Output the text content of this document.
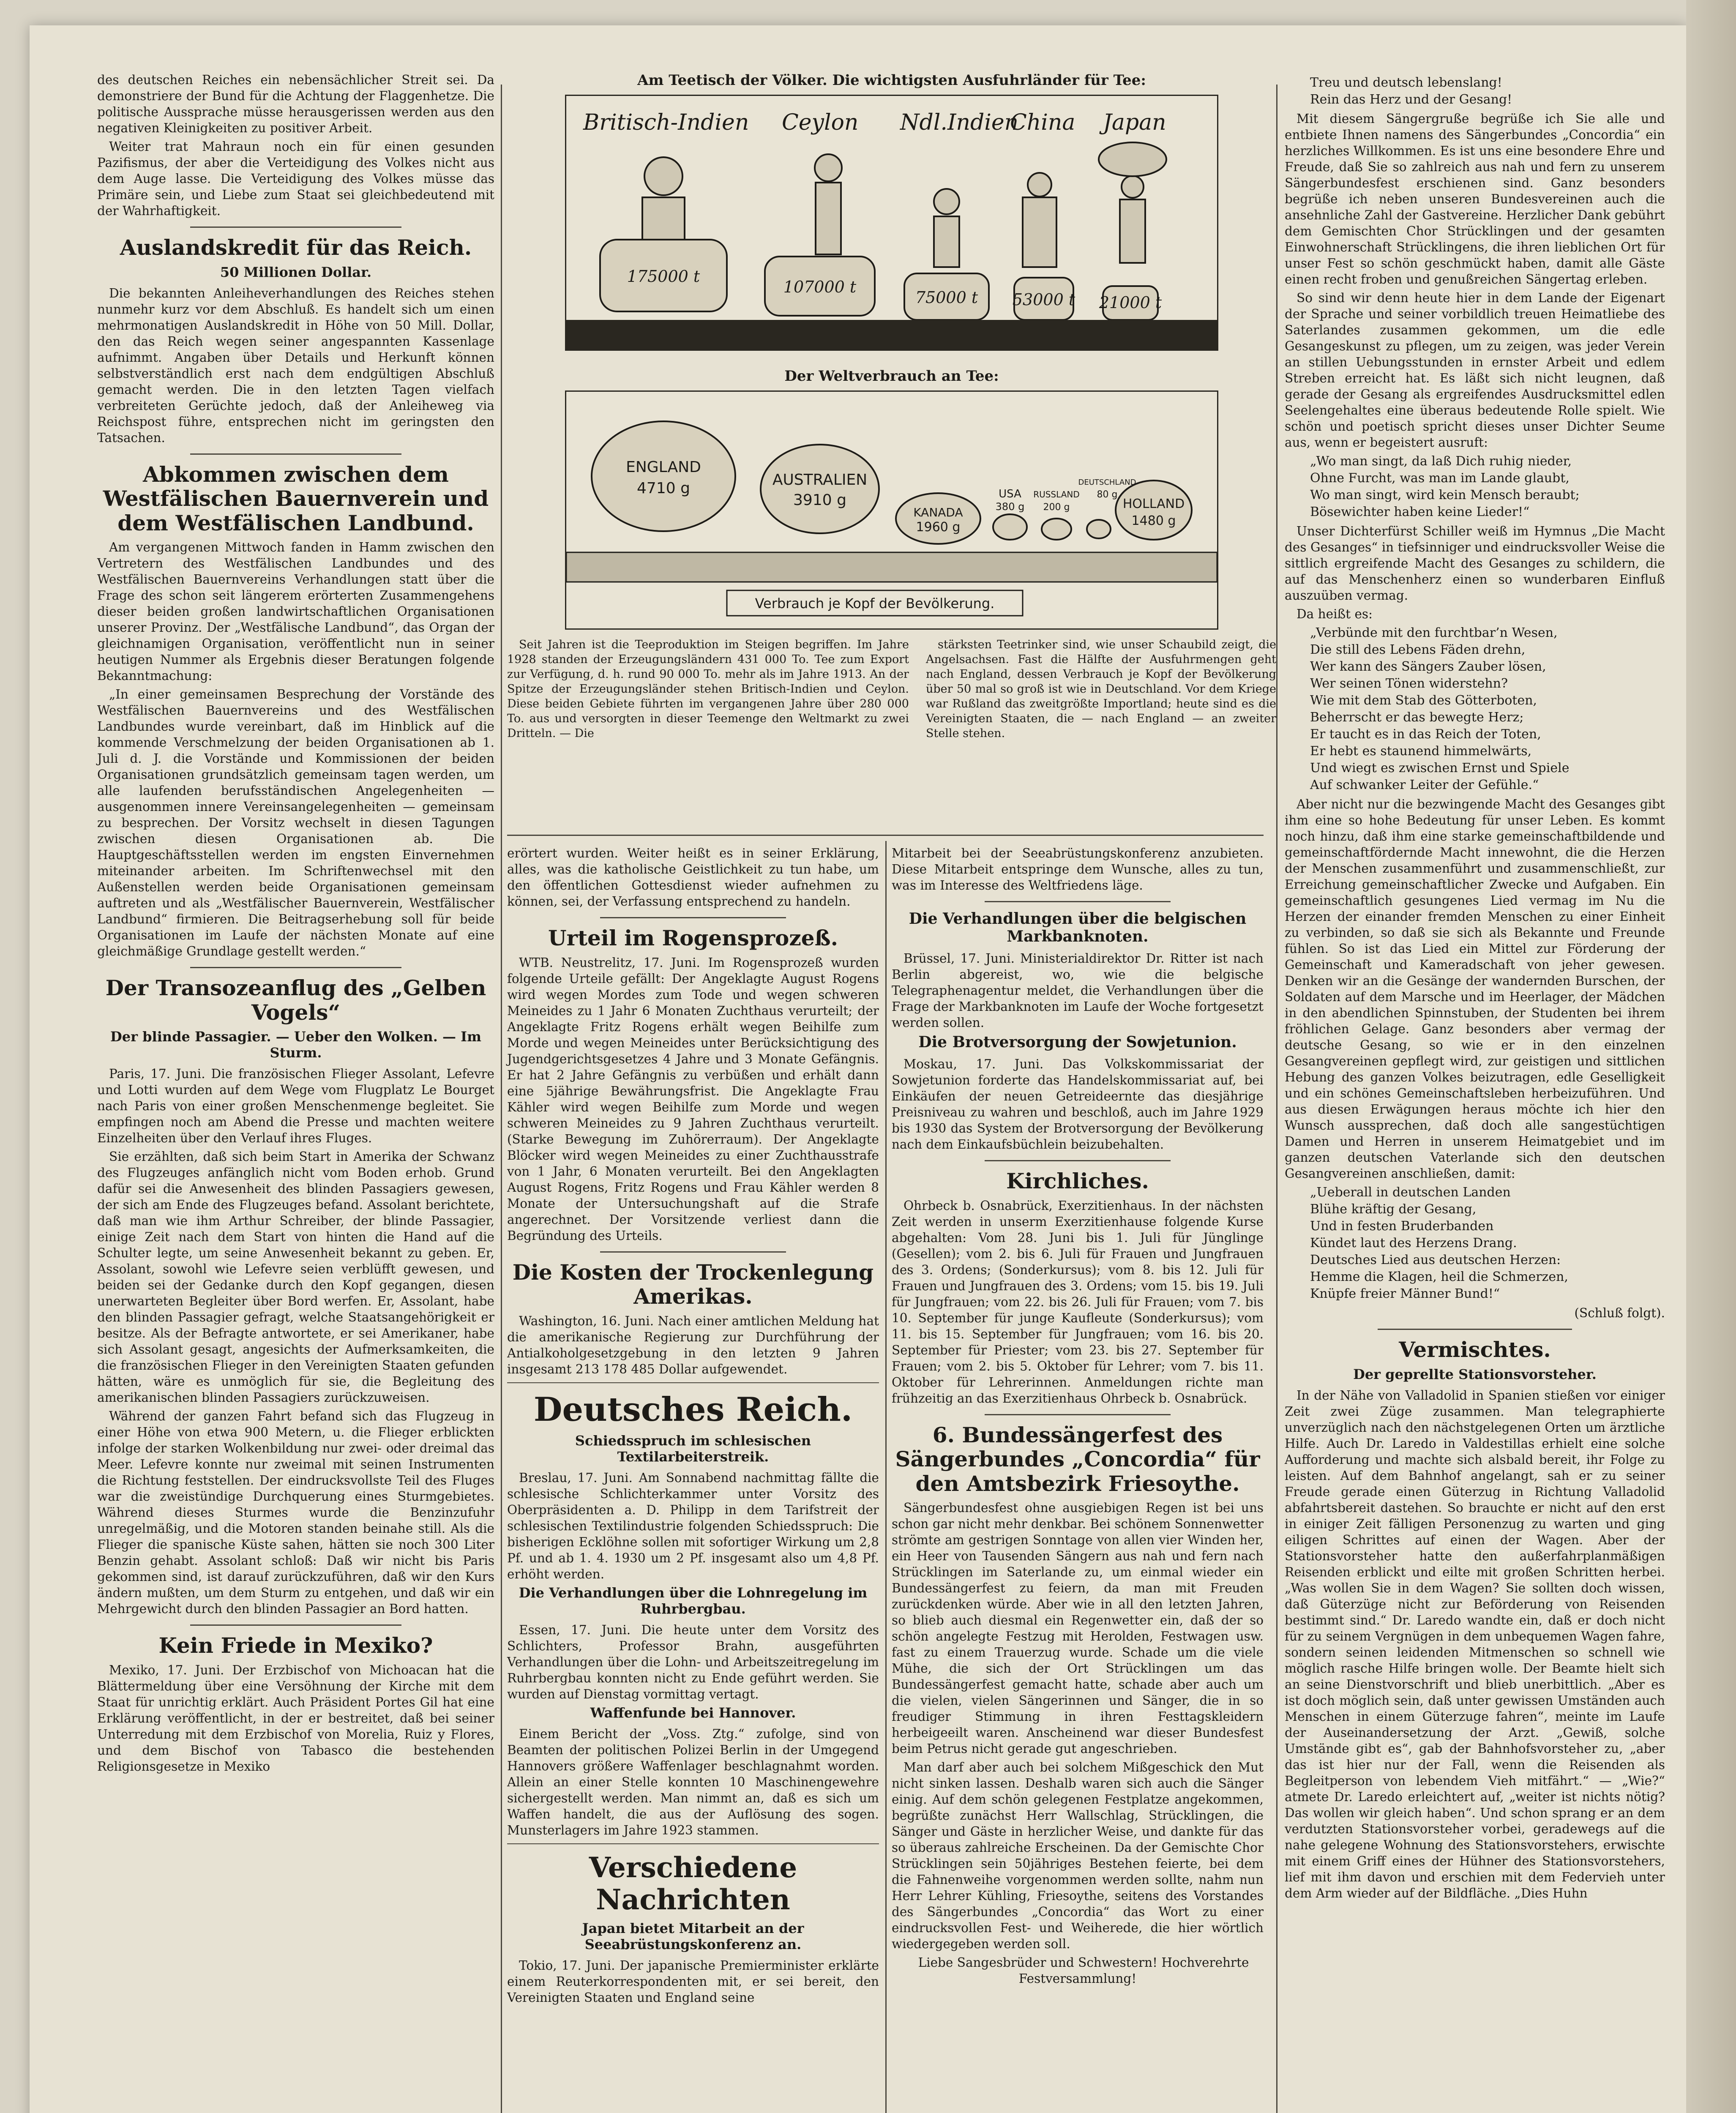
des deutschen Reiches ein nebensächlicher Streit sei. Da demonstriere der Bund für die Achtung der Flaggenhetze. Die politische Aussprache müsse herausgerissen werden aus den negativen Kleinigkeiten zu positiver Arbeit.

Weiter trat Mahraun noch ein für einen gesunden Pazifismus, der aber die Verteidigung des Volkes nicht aus dem Auge lasse. Die Verteidigung des Volkes müsse das Primäre sein, und Liebe zum Staat sei gleichbedeutend mit der Wahrhaftigkeit.

Auslandskredit für das Reich.
50 Millionen Dollar.

Die bekannten Anleiheverhandlungen des Reiches stehen nunmehr kurz vor dem Abschluß. Es handelt sich um einen mehrmonatigen Auslandskredit in Höhe von 50 Mill. Dollar, den das Reich wegen seiner angespannten Kassenlage aufnimmt. Angaben über Details und Herkunft können selbstverständlich erst nach dem endgültigen Abschluß gemacht werden. Die in den letzten Tagen vielfach verbreiteten Gerüchte jedoch, daß der Anleiheweg via Reichspost führe, entsprechen nicht im geringsten den Tatsachen.

Abkommen zwischen dem Westfälischen Bauernverein und dem Westfälischen Landbund.

Am vergangenen Mittwoch fanden in Hamm zwischen den Vertretern des Westfälischen Landbundes und des Westfälischen Bauernvereins Verhandlungen statt über die Frage des schon seit längerem erörterten Zusammengehens dieser beiden großen landwirtschaftlichen Organisationen unserer Provinz. Der „Westfälische Landbund“, das Organ der gleichnamigen Organisation, veröffentlicht nun in seiner heutigen Nummer als Ergebnis dieser Beratungen folgende Bekanntmachung:

„In einer gemeinsamen Besprechung der Vorstände des Westfälischen Bauernvereins und des Westfälischen Landbundes wurde vereinbart, daß im Hinblick auf die kommende Verschmelzung der beiden Organisationen ab 1. Juli d. J. die Vorstände und Kommissionen der beiden Organisationen grundsätzlich gemeinsam tagen werden, um alle laufenden berufsständischen Angelegenheiten — ausgenommen innere Vereinsangelegenheiten — gemeinsam zu besprechen. Der Vorsitz wechselt in diesen Tagungen zwischen diesen Organisationen ab. Die Hauptgeschäftsstellen werden im engsten Einvernehmen miteinander arbeiten. Im Schriftenwechsel mit den Außenstellen werden beide Organisationen gemeinsam auftreten und als „Westfälischer Bauernverein, Westfälischer Landbund“ firmieren. Die Beitragserhebung soll für beide Organisationen im Laufe der nächsten Monate auf eine gleichmäßige Grundlage gestellt werden.“

Der Transozeanflug des „Gelben Vogels“
Der blinde Passagier. — Ueber den Wolken. — Im Sturm.

Paris, 17. Juni. Die französischen Flieger Assolant, Lefevre und Lotti wurden auf dem Wege vom Flugplatz Le Bourget nach Paris von einer großen Menschenmenge begleitet. Sie empfingen noch am Abend die Presse und machten weitere Einzelheiten über den Verlauf ihres Fluges.

Sie erzählten, daß sich beim Start in Amerika der Schwanz des Flugzeuges anfänglich nicht vom Boden erhob. Grund dafür sei die Anwesenheit des blinden Passagiers gewesen, der sich am Ende des Flugzeuges befand. Assolant berichtete, daß man wie ihm Arthur Schreiber, der blinde Passagier, einige Zeit nach dem Start von hinten die Hand auf die Schulter legte, um seine Anwesenheit bekannt zu geben. Er, Assolant, sowohl wie Lefevre seien verblüfft gewesen, und beiden sei der Gedanke durch den Kopf gegangen, diesen unerwarteten Begleiter über Bord werfen. Er, Assolant, habe den blinden Passagier gefragt, welche Staatsangehörigkeit er besitze. Als der Befragte antwortete, er sei Amerikaner, habe sich Assolant gesagt, angesichts der Aufmerksamkeiten, die die französischen Flieger in den Vereinigten Staaten gefunden hätten, wäre es unmöglich für sie, die Begleitung des amerikanischen blinden Passagiers zurückzuweisen.

Während der ganzen Fahrt befand sich das Flugzeug in einer Höhe von etwa 900 Metern, u. die Flieger erblickten infolge der starken Wolkenbildung nur zwei- oder dreimal das Meer. Lefevre konnte nur zweimal mit seinen Instrumenten die Richtung feststellen. Der eindrucksvollste Teil des Fluges war die zweistündige Durchquerung eines Sturmgebietes. Während dieses Sturmes wurde die Benzinzufuhr unregelmäßig, und die Motoren standen beinahe still. Als die Flieger die spanische Küste sahen, hätten sie noch 300 Liter Benzin gehabt. Assolant schloß: Daß wir nicht bis Paris gekommen sind, ist darauf zurückzuführen, daß wir den Kurs ändern mußten, um dem Sturm zu entgehen, und daß wir ein Mehrgewicht durch den blinden Passagier an Bord hatten.

Kein Friede in Mexiko?

Mexiko, 17. Juni. Der Erzbischof von Michoacan hat die Blättermeldung über eine Versöhnung der Kirche mit dem Staat für unrichtig erklärt. Auch Präsident Portes Gil hat eine Erklärung veröffentlicht, in der er bestreitet, daß bei seiner Unterredung mit dem Erzbischof von Morelia, Ruiz y Flores, und dem Bischof von Tabasco die bestehenden Religionsgesetze in Mexiko

Am Teetisch der Völker. Die wichtigsten Ausfuhrländer für Tee:
Britisch-Indien Ceylon Ndl.Indien
China Japan
175000 t
107000 t
75000 t 53000 t 21000 t
Der Weltverbrauch an Tee:
ENGLAND
4710 g	AUSTRALIEN
3910 g
KANADA
1960 g
USA
380 g
RUSSLAND
200 g
DEUTSCHLAND
80 g
HOLLAND
1480 g
Verbrauch je Kopf der Bevölkerung.

Seit Jahren ist die Teeproduktion im Steigen begriffen. Im Jahre 1928 standen der Erzeugungsländern 431 000 To. Tee zum Export zur Verfügung, d. h. rund 90 000 To. mehr als im Jahre 1913. An der Spitze der Erzeugungsländer stehen Britisch-Indien und Ceylon. Diese beiden Gebiete führten im vergangenen Jahre über 280 000 To. aus und versorgten in dieser Teemenge den Weltmarkt zu zwei Dritteln. — Die

stärksten Teetrinker sind, wie unser Schaubild zeigt, die Angelsachsen. Fast die Hälfte der Ausfuhrmengen geht nach England, dessen Verbrauch je Kopf der Bevölkerung über 50 mal so groß ist wie in Deutschland. Vor dem Kriege war Rußland das zweitgrößte Importland; heute sind es die Vereinigten Staaten, die — nach England — an zweiter Stelle stehen.

erörtert wurden. Weiter heißt es in seiner Erklärung, alles, was die katholische Geistlichkeit zu tun habe, um den öffentlichen Gottesdienst wieder aufnehmen zu können, sei, der Verfassung entsprechend zu handeln.

Urteil im Rogensprozeß.

WTB. Neustrelitz, 17. Juni. Im Rogensprozeß wurden folgende Urteile gefällt: Der Angeklagte August Rogens wird wegen Mordes zum Tode und wegen schweren Meineides zu 1 Jahr 6 Monaten Zuchthaus verurteilt; der Angeklagte Fritz Rogens erhält wegen Beihilfe zum Morde und wegen Meineides unter Berücksichtigung des Jugendgerichtsgesetzes 4 Jahre und 3 Monate Gefängnis. Er hat 2 Jahre Gefängnis zu verbüßen und erhält dann eine 5jährige Bewährungsfrist. Die Angeklagte Frau Kähler wird wegen Beihilfe zum Morde und wegen schweren Meineides zu 9 Jahren Zuchthaus verurteilt. (Starke Bewegung im Zuhörerraum). Der Angeklagte Blöcker wird wegen Meineides zu einer Zuchthausstrafe von 1 Jahr, 6 Monaten verurteilt. Bei den Angeklagten August Rogens, Fritz Rogens und Frau Kähler werden 8 Monate der Untersuchungshaft auf die Strafe angerechnet. Der Vorsitzende verliest dann die Begründung des Urteils.

Die Kosten der Trockenlegung Amerikas.

Washington, 16. Juni. Nach einer amtlichen Meldung hat die amerikanische Regierung zur Durchführung der Antialkoholgesetzgebung in den letzten 9 Jahren insgesamt 213 178 485 Dollar aufgewendet.

Deutsches Reich.
Schiedsspruch im schlesischen Textilarbeiterstreik.

Breslau, 17. Juni. Am Sonnabend nachmittag fällte die schlesische Schlichterkammer unter Vorsitz des Oberpräsidenten a. D. Philipp in dem Tarifstreit der schlesischen Textilindustrie folgenden Schiedsspruch: Die bisherigen Ecklöhne sollen mit sofortiger Wirkung um 2,8 Pf. und ab 1. 4. 1930 um 2 Pf. insgesamt also um 4,8 Pf. erhöht werden.

Die Verhandlungen über die Lohnregelung im Ruhrbergbau.

Essen, 17. Juni. Die heute unter dem Vorsitz des Schlichters, Professor Brahn, ausgeführten Verhandlungen über die Lohn- und Arbeitszeitregelung im Ruhrbergbau konnten nicht zu Ende geführt werden. Sie wurden auf Dienstag vormittag vertagt.

Waffenfunde bei Hannover.

Einem Bericht der „Voss. Ztg.“ zufolge, sind von Beamten der politischen Polizei Berlin in der Umgegend Hannovers größere Waffenlager beschlagnahmt worden. Allein an einer Stelle konnten 10 Maschinengewehre sichergestellt werden. Man nimmt an, daß es sich um Waffen handelt, die aus der Auflösung des sogen. Munsterlagers im Jahre 1923 stammen.

Verschiedene Nachrichten
Japan bietet Mitarbeit an der Seeabrüstungskonferenz an.

Tokio, 17. Juni. Der japanische Premierminister erklärte einem Reuterkorrespondenten mit, er sei bereit, den Vereinigten Staaten und England seine

Mitarbeit bei der Seeabrüstungskonferenz anzubieten. Diese Mitarbeit entspringe dem Wunsche, alles zu tun, was im Interesse des Weltfriedens läge.

Die Verhandlungen über die belgischen Markbanknoten.

Brüssel, 17. Juni. Ministerialdirektor Dr. Ritter ist nach Berlin abgereist, wo, wie die belgische Telegraphenagentur meldet, die Verhandlungen über die Frage der Markbanknoten im Laufe der Woche fortgesetzt werden sollen.

Die Brotversorgung der Sowjetunion.

Moskau, 17. Juni. Das Volkskommissariat der Sowjetunion forderte das Handelskommissariat auf, bei Einkäufen der neuen Getreideernte das diesjährige Preisniveau zu wahren und beschloß, auch im Jahre 1929 bis 1930 das System der Brotversorgung der Bevölkerung nach dem Einkaufsbüchlein beizubehalten.

Kirchliches.

Ohrbeck b. Osnabrück, Exerzitienhaus. In der nächsten Zeit werden in unserm Exerzitienhause folgende Kurse abgehalten: Vom 28. Juni bis 1. Juli für Jünglinge (Gesellen); vom 2. bis 6. Juli für Frauen und Jungfrauen des 3. Ordens; (Sonderkursus); vom 8. bis 12. Juli für Frauen und Jungfrauen des 3. Ordens; vom 15. bis 19. Juli für Jungfrauen; vom 22. bis 26. Juli für Frauen; vom 7. bis 10. September für junge Kaufleute (Sonderkursus); vom 11. bis 15. September für Jungfrauen; vom 16. bis 20. September für Priester; vom 23. bis 27. September für Frauen; vom 2. bis 5. Oktober für Lehrer; vom 7. bis 11. Oktober für Lehrerinnen. Anmeldungen richte man frühzeitig an das Exerzitienhaus Ohrbeck b. Osnabrück.

6. Bundessängerfest des Sängerbundes „Concordia“ für den Amtsbezirk Friesoythe.

Sängerbundesfest ohne ausgiebigen Regen ist bei uns schon gar nicht mehr denkbar. Bei schönem Sonnenwetter strömte am gestrigen Sonntage von allen vier Winden her, ein Heer von Tausenden Sängern aus nah und fern nach Strücklingen im Saterlande zu, um einmal wieder ein Bundessängerfest zu feiern, da man mit Freuden zurückdenken würde. Aber wie in all den letzten Jahren, so blieb auch diesmal ein Regenwetter ein, daß der so schön angelegte Festzug mit Herolden, Festwagen usw. fast zu einem Trauerzug wurde. Schade um die viele Mühe, die sich der Ort Strücklingen um das Bundessängerfest gemacht hatte, schade aber auch um die vielen, vielen Sängerinnen und Sänger, die in so freudiger Stimmung in ihren Festtagskleidern herbeigeeilt waren. Anscheinend war dieser Bundesfest beim Petrus nicht gerade gut angeschrieben.

Man darf aber auch bei solchem Mißgeschick den Mut nicht sinken lassen. Deshalb waren sich auch die Sänger einig. Auf dem schön gelegenen Festplatze angekommen, begrüßte zunächst Herr Wallschlag, Strücklingen, die Sänger und Gäste in herzlicher Weise, und dankte für das so überaus zahlreiche Erscheinen. Da der Gemischte Chor Strücklingen sein 50jähriges Bestehen feierte, bei dem die Fahnenweihe vorgenommen werden sollte, nahm nun Herr Lehrer Kühling, Friesoythe, seitens des Vorstandes des Sängerbundes „Concordia“ das Wort zu einer eindrucksvollen Fest- und Weiherede, die hier wörtlich wiedergegeben werden soll.

Liebe Sangesbrüder und Schwestern! Hochverehrte Festversammlung!

Treu und deutsch lebenslang!
Rein das Herz und der Gesang!

Mit diesem Sängergruße begrüße ich Sie alle und entbiete Ihnen namens des Sängerbundes „Concordia“ ein herzliches Willkommen. Es ist uns eine besondere Ehre und Freude, daß Sie so zahlreich aus nah und fern zu unserem Sängerbundesfest erschienen sind. Ganz besonders begrüße ich neben unseren Bundesvereinen auch die ansehnliche Zahl der Gastvereine. Herzlicher Dank gebührt dem Gemischten Chor Strücklingen und der gesamten Einwohnerschaft Strücklingens, die ihren lieblichen Ort für unser Fest so schön geschmückt haben, damit alle Gäste einen recht froben und genußreichen Sängertag erleben.

So sind wir denn heute hier in dem Lande der Eigenart der Sprache und seiner vorbildlich treuen Heimatliebe des Saterlandes zusammen gekommen, um die edle Gesangeskunst zu pflegen, um zu zeigen, was jeder Verein an stillen Uebungsstunden in ernster Arbeit und edlem Streben erreicht hat. Es läßt sich nicht leugnen, daß gerade der Gesang als ergreifendes Ausdrucksmittel edlen Seelengehaltes eine überaus bedeutende Rolle spielt. Wie schön und poetisch spricht dieses unser Dichter Seume aus, wenn er begeistert ausruft:

„Wo man singt, da laß Dich ruhig nieder,
Ohne Furcht, was man im Lande glaubt,
Wo man singt, wird kein Mensch beraubt;
Bösewichter haben keine Lieder!“

Unser Dichterfürst Schiller weiß im Hymnus „Die Macht des Gesanges“ in tiefsinniger und eindrucksvoller Weise die sittlich ergreifende Macht des Gesanges zu schildern, die auf das Menschenherz einen so wunderbaren Einfluß auszuüben vermag.

Da heißt es:

„Verbünde mit den furchtbar’n Wesen,
Die still des Lebens Fäden drehn,
Wer kann des Sängers Zauber lösen,
Wer seinen Tönen widerstehn?
Wie mit dem Stab des Götterboten,
Beherrscht er das bewegte Herz;
Er taucht es in das Reich der Toten,
Er hebt es staunend himmelwärts,
Und wiegt es zwischen Ernst und Spiele
Auf schwanker Leiter der Gefühle.“

Aber nicht nur die bezwingende Macht des Gesanges gibt ihm eine so hohe Bedeutung für unser Leben. Es kommt noch hinzu, daß ihm eine starke gemeinschaftbildende und gemeinschaftfördernde Macht innewohnt, die die Herzen der Menschen zusammenführt und zusammenschließt, zur Erreichung gemeinschaftlicher Zwecke und Aufgaben. Ein gemeinschaftlich gesungenes Lied vermag im Nu die Herzen der einander fremden Menschen zu einer Einheit zu verbinden, so daß sie sich als Bekannte und Freunde fühlen. So ist das Lied ein Mittel zur Förderung der Gemeinschaft und Kameradschaft von jeher gewesen. Denken wir an die Gesänge der wandernden Burschen, der Soldaten auf dem Marsche und im Heerlager, der Mädchen in den abendlichen Spinnstuben, der Studenten bei ihrem fröhlichen Gelage. Ganz besonders aber vermag der deutsche Gesang, so wie er in den einzelnen Gesangvereinen gepflegt wird, zur geistigen und sittlichen Hebung des ganzen Volkes beizutragen, edle Geselligkeit und ein schönes Gemeinschaftsleben herbeizuführen. Und aus diesen Erwägungen heraus möchte ich hier den Wunsch aussprechen, daß doch alle sangestüchtigen Damen und Herren in unserem Heimatgebiet und im ganzen deutschen Vaterlande sich den deutschen Gesangvereinen anschließen, damit:

„Ueberall in deutschen Landen
Blühe kräftig der Gesang,
Und in festen Bruderbanden
Kündet laut des Herzens Drang.
Deutsches Lied aus deutschen Herzen:
Hemme die Klagen, heil die Schmerzen,
Knüpfe freier Männer Bund!“

(Schluß folgt).

Vermischtes.
Der geprellte Stationsvorsteher.

In der Nähe von Valladolid in Spanien stießen vor einiger Zeit zwei Züge zusammen. Man telegraphierte unverzüglich nach den nächstgelegenen Orten um ärztliche Hilfe. Auch Dr. Laredo in Valdestillas erhielt eine solche Aufforderung und machte sich alsbald bereit, ihr Folge zu leisten. Auf dem Bahnhof angelangt, sah er zu seiner Freude gerade einen Güterzug in Richtung Valladolid abfahrtsbereit dastehen. So brauchte er nicht auf den erst in einiger Zeit fälligen Personenzug zu warten und ging eiligen Schrittes auf einen der Wagen. Aber der Stationsvorsteher hatte den außerfahrplanmäßigen Reisenden erblickt und eilte mit großen Schritten herbei. „Was wollen Sie in dem Wagen? Sie sollten doch wissen, daß Güterzüge nicht zur Beförderung von Reisenden bestimmt sind.“ Dr. Laredo wandte ein, daß er doch nicht für zu seinem Vergnügen in dem unbequemen Wagen fahre, sondern seinen leidenden Mitmenschen so schnell wie möglich rasche Hilfe bringen wolle. Der Beamte hielt sich an seine Dienstvorschrift und blieb unerbittlich. „Aber es ist doch möglich sein, daß unter gewissen Umständen auch Menschen in einem Güterzuge fahren“, meinte im Laufe der Auseinandersetzung der Arzt. „Gewiß, solche Umstände gibt es“, gab der Bahnhofsvorsteher zu, „aber das ist hier nur der Fall, wenn die Reisenden als Begleitperson von lebendem Vieh mitfährt.“ — „Wie?“ atmete Dr. Laredo erleichtert auf, „weiter ist nichts nötig? Das wollen wir gleich haben“. Und schon sprang er an dem verdutzten Stationsvorsteher vorbei, geradewegs auf die nahe gelegene Wohnung des Stationsvorstehers, erwischte mit einem Griff eines der Hühner des Stationsvorstehers, lief mit ihm davon und erschien mit dem Federvieh unter dem Arm wieder auf der Bildfläche. „Dies Huhn
